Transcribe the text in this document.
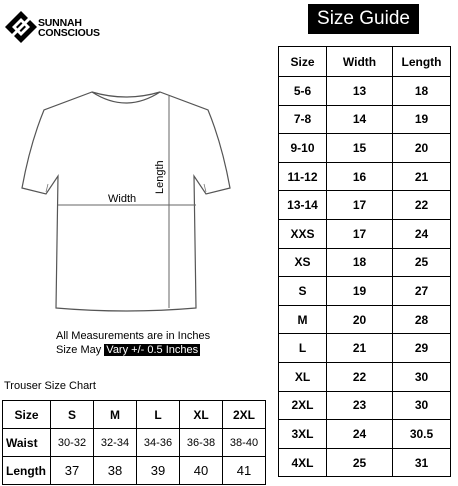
SUNNAH
CONSCIOUS
Size Guide
Size	Width	Length
5-6	13	18
7-8	14	19
9-10	15	20
11-12	16	21
13-14	17	22
XXS	17	24
XS	18	25
S	19	27
M	20	28
L	21	29
XL	22	30
2XL	23	30
3XL	24	30.5
4XL	25	31
Width
Length
All Measurements are in Inches
Size May Vary +/- 0.5 Inches
Trouser Size Chart
Size	S	M	L	XL	2XL
Waist	30-32	32-34	34-36	36-38	38-40
Length	37	38	39	40	41
